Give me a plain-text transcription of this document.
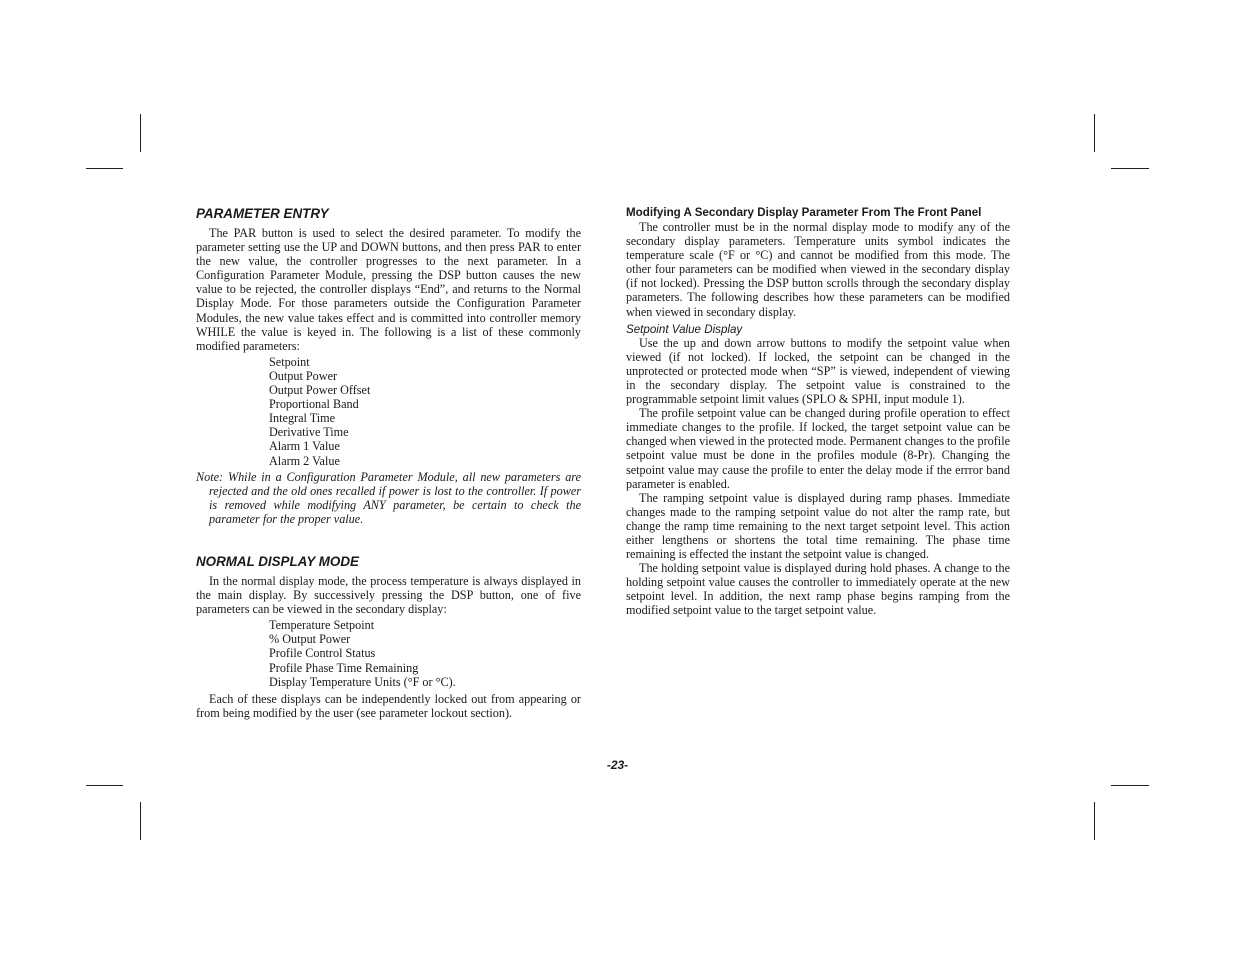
PARAMETER ENTRY

The PAR button is used to select the desired parameter. To modify the parameter setting use the UP and DOWN buttons, and then press PAR to enter the new value, the controller progresses to the next parameter. In a Configuration Parameter Module, pressing the DSP button causes the new value to be rejected, the controller displays “End”, and returns to the Normal Display Mode. For those parameters outside the Configuration Parameter Modules, the new value takes effect and is committed into controller memory WHILE the value is keyed in. The following is a list of these commonly modified parameters:

Setpoint
Output Power
Output Power Offset
Proportional Band
Integral Time
Derivative Time
Alarm 1 Value
Alarm 2 Value

Note: While in a Configuration Parameter Module, all new parameters are rejected and the old ones recalled if power is lost to the controller. If power is removed while modifying ANY parameter, be certain to check the parameter for the proper value.

NORMAL DISPLAY MODE

In the normal display mode, the process temperature is always displayed in the main display. By successively pressing the DSP button, one of five parameters can be viewed in the secondary display:

Temperature Setpoint
% Output Power
Profile Control Status
Profile Phase Time Remaining
Display Temperature Units (°F or °C).

Each of these displays can be independently locked out from appearing or from being modified by the user (see parameter lockout section).

Modifying A Secondary Display Parameter From The Front Panel

The controller must be in the normal display mode to modify any of the secondary display parameters. Temperature units symbol indicates the temperature scale (°F or °C) and cannot be modified from this mode. The other four parameters can be modified when viewed in the secondary display (if not locked). Pressing the DSP button scrolls through the secondary display parameters. The following describes how these parameters can be modified when viewed in secondary display.

Setpoint Value Display

Use the up and down arrow buttons to modify the setpoint value when viewed (if not locked). If locked, the setpoint can be changed in the unprotected or protected mode when “SP” is viewed, independent of viewing in the secondary display. The setpoint value is constrained to the programmable setpoint limit values (SPLO & SPHI, input module 1).

The profile setpoint value can be changed during profile operation to effect immediate changes to the profile. If locked, the target setpoint value can be changed when viewed in the protected mode. Permanent changes to the profile setpoint value must be done in the profiles module (8-Pr). Changing the setpoint value may cause the profile to enter the delay mode if the errror band parameter is enabled.

The ramping setpoint value is displayed during ramp phases. Immediate changes made to the ramping setpoint value do not alter the ramp rate, but change the ramp time remaining to the next target setpoint level. This action either lengthens or shortens the total time remaining. The phase time remaining is effected the instant the setpoint value is changed.

The holding setpoint value is displayed during hold phases. A change to the holding setpoint value causes the controller to immediately operate at the new setpoint level. In addition, the next ramp phase begins ramping from the modified setpoint value to the target setpoint value.

-23-
